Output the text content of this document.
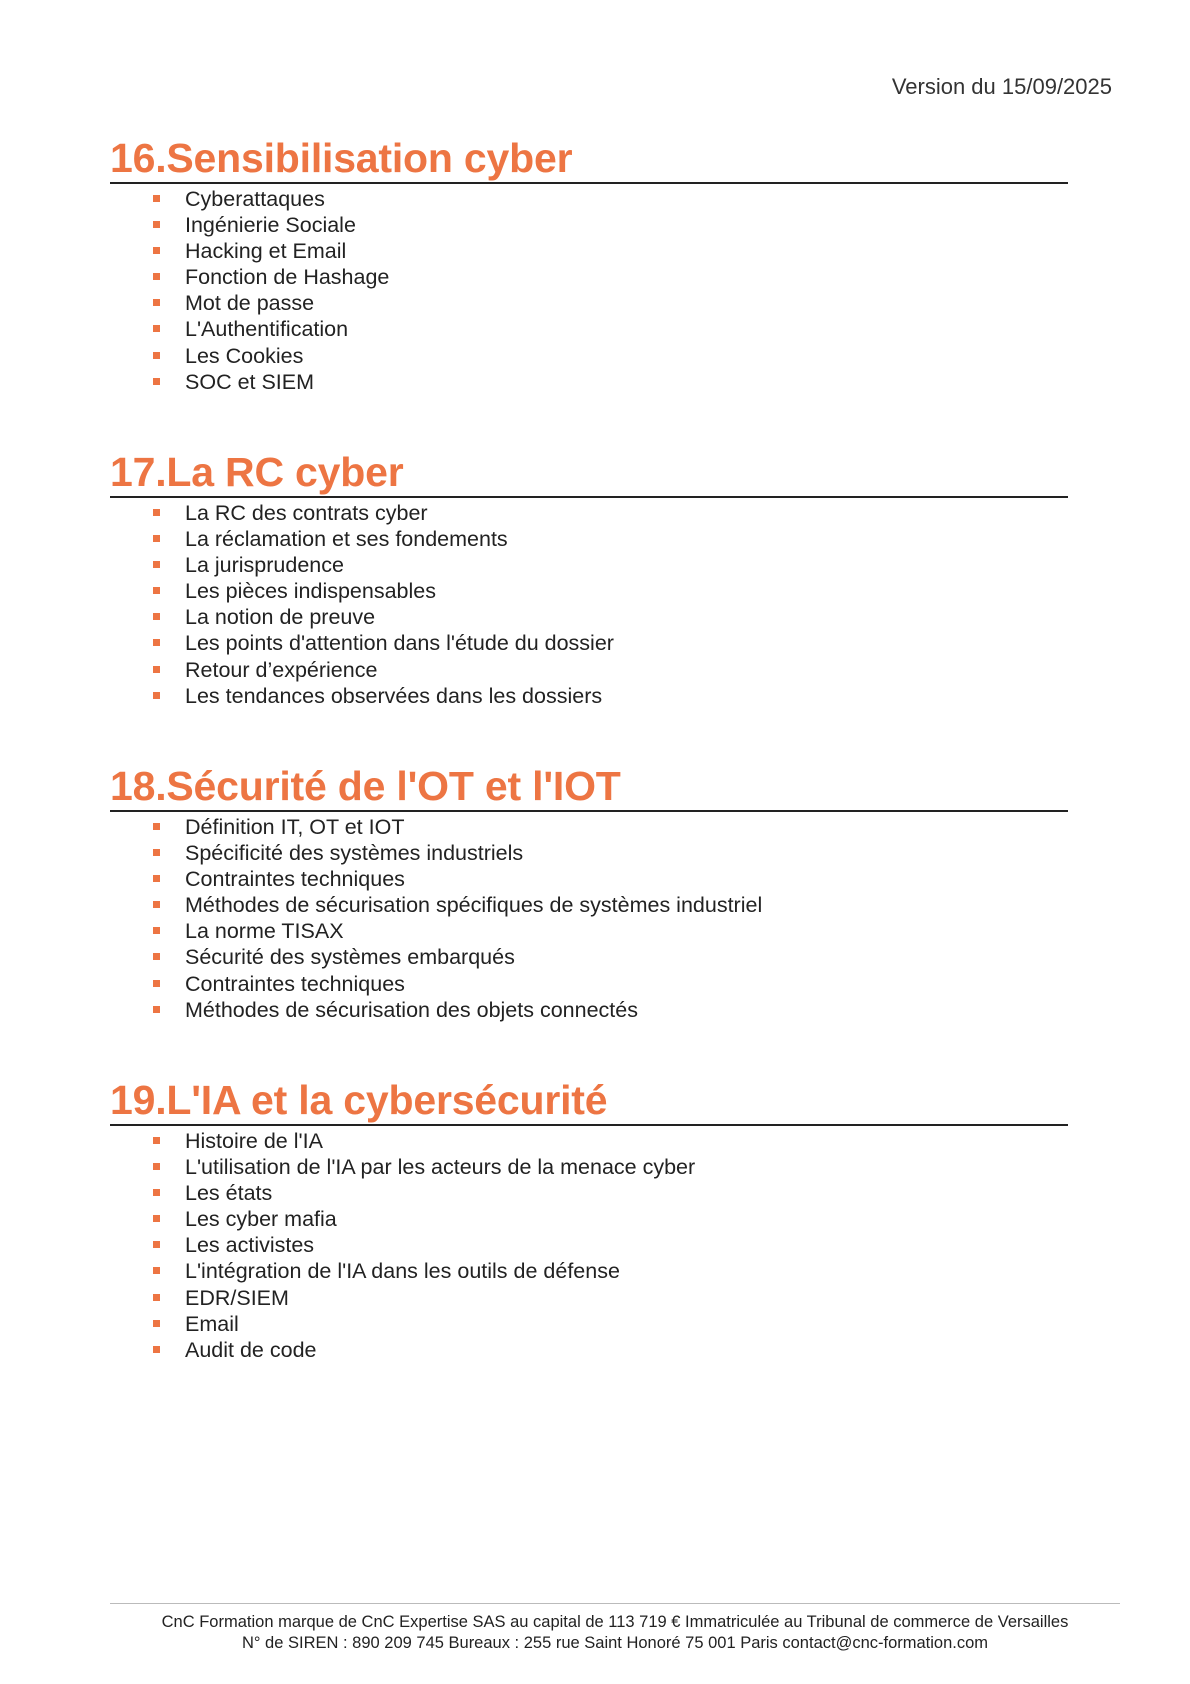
Version du 15/09/2025
16.Sensibilisation cyber
Cyberattaques
Ingénierie Sociale
Hacking et Email
Fonction de Hashage
Mot de passe
L'Authentification
Les Cookies
SOC et SIEM
17.La RC cyber
La RC des contrats cyber
La réclamation et ses fondements
La jurisprudence
Les pièces indispensables
La notion de preuve
Les points d'attention dans l'étude du dossier
Retour d’expérience
Les tendances observées dans les dossiers
18.Sécurité de l'OT et l'IOT
Définition IT, OT et IOT
Spécificité des systèmes industriels
Contraintes techniques
Méthodes de sécurisation spécifiques de systèmes industriel
La norme TISAX
Sécurité des systèmes embarqués
Contraintes techniques
Méthodes de sécurisation des objets connectés
19.L'IA et la cybersécurité
Histoire de l'IA
L'utilisation de l'IA par les acteurs de la menace cyber
Les états
Les cyber mafia
Les activistes
L'intégration de l'IA dans les outils de défense
EDR/SIEM
Email
Audit de code
CnC Formation marque de CnC Expertise SAS au capital de 113 719 € Immatriculée au Tribunal de commerce de Versailles
N° de SIREN : 890 209 745 Bureaux : 255 rue Saint Honoré 75 001 Paris contact@cnc-formation.com
